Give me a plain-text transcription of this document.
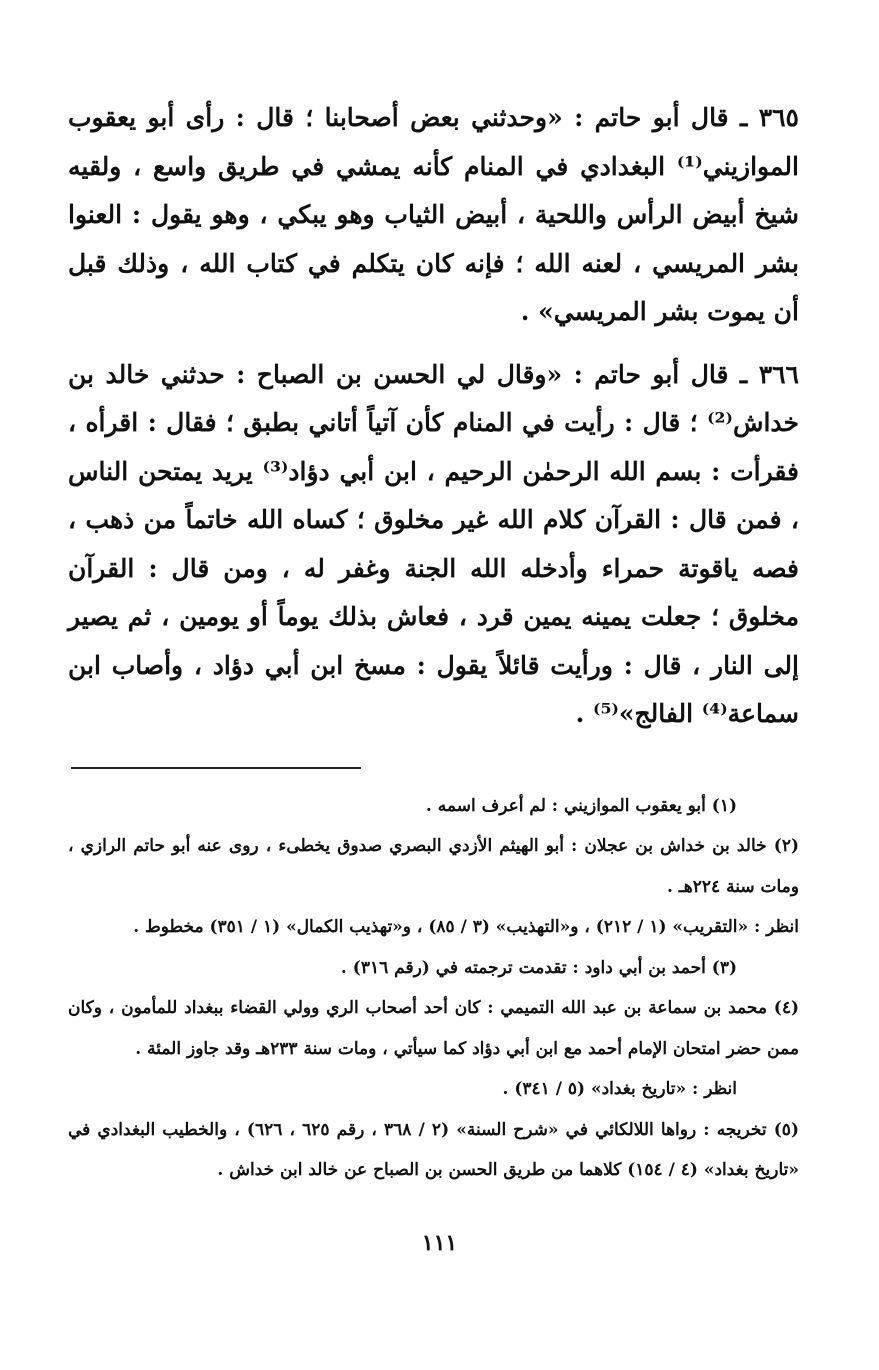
٣٦٥ ـ قال أبو حاتم : «وحدثني بعض أصحابنا ؛ قال : رأى أبو يعقوب الموازيني⁽¹⁾ البغدادي في المنام كأنه يمشي في طريق واسع ، ولقيه شيخ أبيض الرأس واللحية ، أبيض الثياب وهو يبكي ، وهو يقول : العنوا بشر المريسي ، لعنه الله ؛ فإنه كان يتكلم في كتاب الله ، وذلك قبل أن يموت بشر المريسي» .

٣٦٦ ـ قال أبو حاتم : «وقال لي الحسن بن الصباح : حدثني خالد بن خداش⁽²⁾ ؛ قال : رأيت في المنام كأن آتياً أتاني بطبق ؛ فقال : اقرأه ، فقرأت : بسم الله الرحمٰن الرحيم ، ابن أبي دؤاد⁽³⁾ يريد يمتحن الناس ، فمن قال : القرآن كلام الله غير مخلوق ؛ كساه الله خاتماً من ذهب ، فصه ياقوتة حمراء وأدخله الله الجنة وغفر له ، ومن قال : القرآن مخلوق ؛ جعلت يمينه يمين قرد ، فعاش بذلك يوماً أو يومين ، ثم يصير إلى النار ، قال : ورأيت قائلاً يقول : مسخ ابن أبي دؤاد ، وأصاب ابن سماعة⁽⁴⁾ الفالج»⁽⁵⁾ .

(١) أبو يعقوب الموازيني : لم أعرف اسمه .

(٢) خالد بن خداش بن عجلان : أبو الهيثم الأزدي البصري صدوق يخطىء ، روى عنه أبو حاتم الرازي ، ومات سنة ٢٢٤هـ .

انظر : «التقريب» (١ / ٢١٢) ، و«التهذيب» (٣ / ٨٥) ، و«تهذيب الكمال» (١ / ٣٥١) مخطوط .

(٣) أحمد بن أبي داود : تقدمت ترجمته في (رقم ٣١٦) .

(٤) محمد بن سماعة بن عبد الله التميمي : كان أحد أصحاب الري وولي القضاء ببغداد للمأمون ، وكان ممن حضر امتحان الإمام أحمد مع ابن أبي دؤاد كما سيأتي ، ومات سنة ٢٣٣هـ وقد جاوز المئة .

انظر : «تاريخ بغداد» (٥ / ٣٤١) .

(٥) تخريجه : رواها اللالكائي في «شرح السنة» (٢ / ٣٦٨ ، رقم ٦٢٥ ، ٦٢٦) ، والخطيب البغدادي في «تاريخ بغداد» (٤ / ١٥٤) كلاهما من طريق الحسن بن الصباح عن خالد ابن خداش .

١١١
